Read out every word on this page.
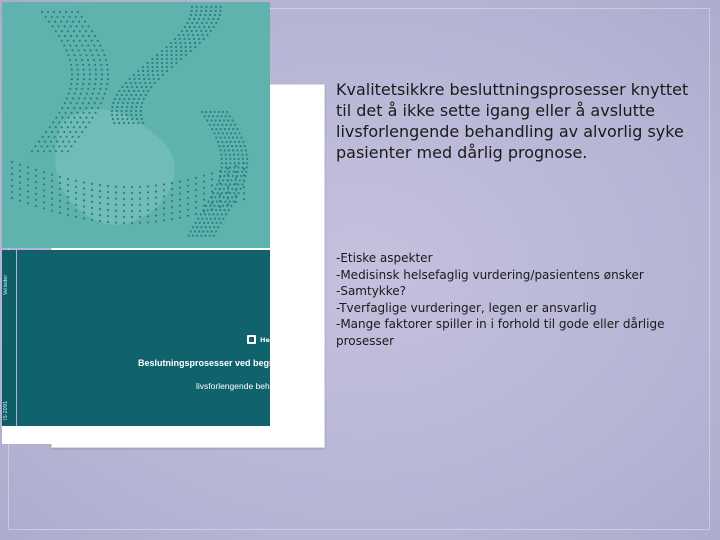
Veileder
IS-2091
Helsedirektoratet
Beslutningsprosesser ved begrensning av
livsforlengende behandling

Kvalitetsikkre besluttningsprosesser knyttet til det å ikke sette igang eller å avslutte livsforlengende behandling av alvorlig syke pasienter med dårlig prognose.

-Etiske aspekter
-Medisinsk helsefaglig vurdering/pasientens ønsker
-Samtykke?
-Tverfaglige vurderinger, legen er ansvarlig
-Mange faktorer spiller in i forhold til gode eller dårlige prosesser
